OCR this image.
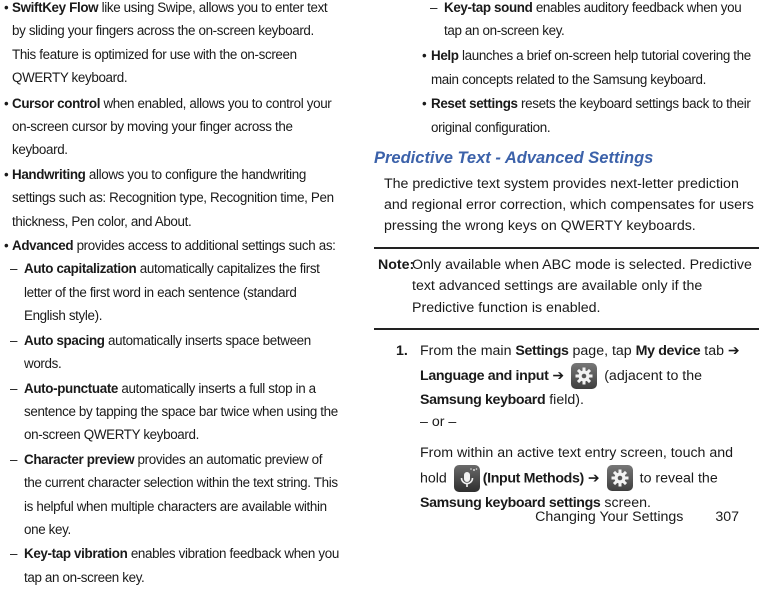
• SwiftKey Flow like using Swipe, allows you to enter text by sliding your fingers across the on-screen keyboard. This feature is optimized for use with the on-screen QWERTY keyboard.
• Cursor control when enabled, allows you to control your on-screen cursor by moving your finger across the keyboard.
• Handwriting allows you to configure the handwriting settings such as: Recognition type, Recognition time, Pen thickness, Pen color, and About.
• Advanced provides access to additional settings such as:
– Auto capitalization automatically capitalizes the first letter of the first word in each sentence (standard English style).
– Auto spacing automatically inserts space between words.
– Auto-punctuate automatically inserts a full stop in a sentence by tapping the space bar twice when using the on-screen QWERTY keyboard.
– Character preview provides an automatic preview of the current character selection within the text string. This is helpful when multiple characters are available within one key.
– Key-tap vibration enables vibration feedback when you tap an on-screen key.
– Key-tap sound enables auditory feedback when you tap an on-screen key.
• Help launches a brief on-screen help tutorial covering the main concepts related to the Samsung keyboard.
• Reset settings resets the keyboard settings back to their original configuration.
Predictive Text - Advanced Settings
The predictive text system provides next-letter prediction and regional error correction, which compensates for users pressing the wrong keys on QWERTY keyboards.
Note:
Only available when ABC mode is selected. Predictive text advanced settings are available only if the Predictive function is enabled.
1. From the main Settings page, tap My device tab ➔ Language and input ➔
(adjacent to the Samsung keyboard field).
– or –
From within an active text entry screen, touch and hold (Input Methods) ➔
to reveal the Samsung keyboard settings screen.
Changing Your Settings 307
